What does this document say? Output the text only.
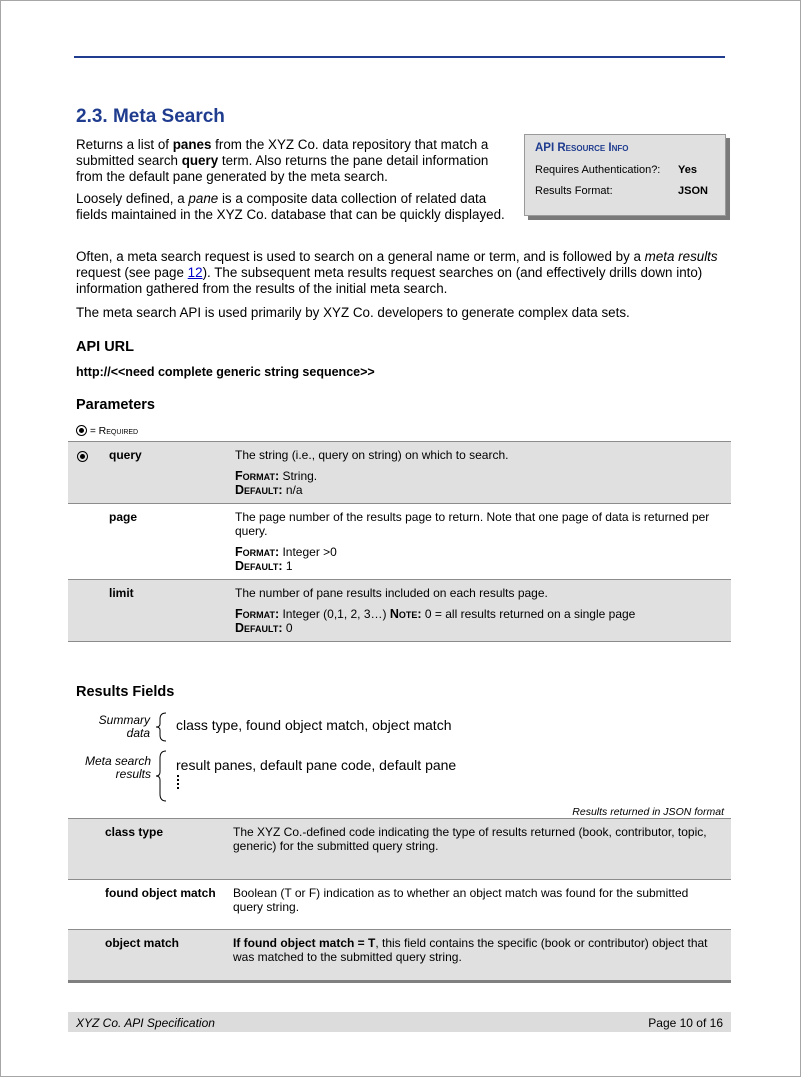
2.3. Meta Search

Returns a list of panes from the XYZ Co. data repository that match a submitted search query term. Also returns the pane detail information from the default pane generated by the meta search.

Loosely defined, a pane is a composite data collection of related data fields maintained in the XYZ Co. database that can be quickly displayed.

Often, a meta search request is used to search on a general name or term, and is followed by a meta results request (see page 12). The subsequent meta results request searches on (and effectively drills down into) information gathered from the results of the initial meta search.

The meta search API is used primarily by XYZ Co. developers to generate complex data sets.

API Resource Info
Requires Authentication?: Yes
Results Format:	JSON
API URL
http://<<need complete generic string sequence>>
Parameters
= Required
	query	The string (i.e., query on string) on which to search.
Format: String.
Default: n/a

	page	The page number of the results page to return. Note that one page of data is returned per query.
Format: Integer >0
Default: 1

	limit	The number of pane results included on each results page.
Format: Integer (0,1, 2, 3…) Note: 0 = all results returned on a single page
Default: 0
Results Fields
Summary data class type, found object match, object match
Meta search results
result panes, default pane code, default pane
Results returned in JSON format
class type	The XYZ Co.-defined code indicating the type of results returned (book, contributor, topic, generic) for the submitted query string.
found object match	Boolean (T or F) indication as to whether an object match was found for the submitted query string.
object match	If found object match = T, this field contains the specific (book or contributor) object that was matched to the submitted query string.
XYZ Co. API Specification	Page 10 of 16
